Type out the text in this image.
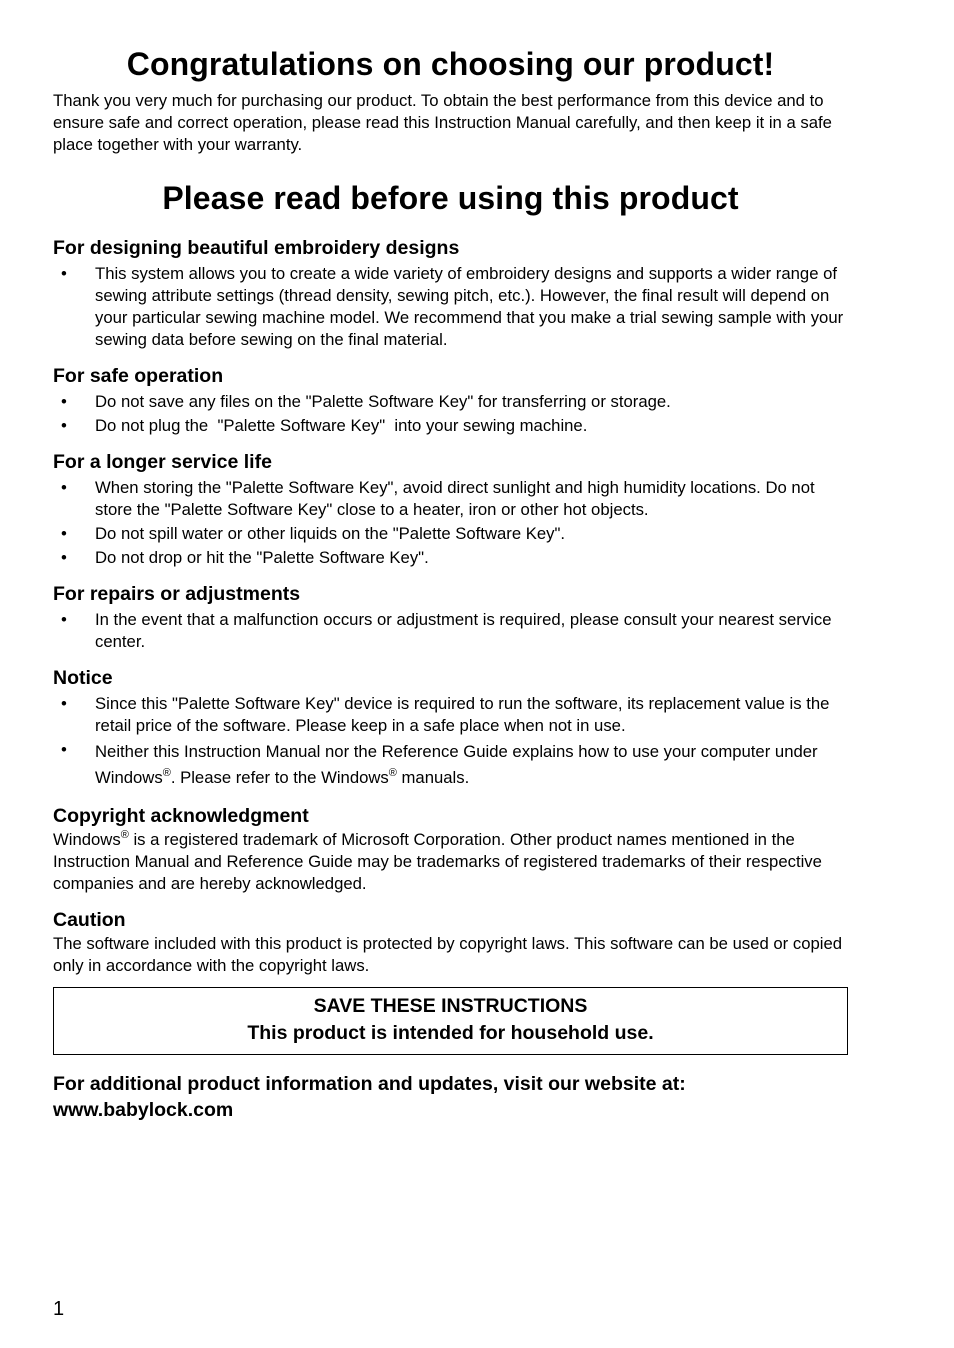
Congratulations on choosing our product!

Thank you very much for purchasing our product. To obtain the best performance from this device and to ensure safe and correct operation, please read this Instruction Manual carefully, and then keep it in a safe place together with your warranty.

Please read before using this product
For designing beautiful embroidery designs
• This system allows you to create a wide variety of embroidery designs and supports a wider range of sewing attribute settings (thread density, sewing pitch, etc.). However, the final result will depend on your particular sewing machine model. We recommend that you make a trial sewing sample with your sewing data before sewing on the final material.
For safe operation
• Do not save any files on the "Palette Software Key" for transferring or storage.
• Do not plug the  "Palette Software Key"  into your sewing machine.
For a longer service life
• When storing the "Palette Software Key", avoid direct sunlight and high humidity locations. Do not store the "Palette Software Key" close to a heater, iron or other hot objects.
• Do not spill water or other liquids on the "Palette Software Key".
• Do not drop or hit the "Palette Software Key".
For repairs or adjustments
• In the event that a malfunction occurs or adjustment is required, please consult your nearest service center.
Notice
• Since this "Palette Software Key" device is required to run the software, its replacement value is the retail price of the software. Please keep in a safe place when not in use.
• Neither this Instruction Manual nor the Reference Guide explains how to use your computer under Windows®. Please refer to the Windows® manuals.
Copyright acknowledgment

Windows® is a registered trademark of Microsoft Corporation. Other product names mentioned in the Instruction Manual and Reference Guide may be trademarks of registered trademarks of their respective companies and are hereby acknowledged.

Caution

The software included with this product is protected by copyright laws. This software can be used or copied only in accordance with the copyright laws.

SAVE THESE INSTRUCTIONS
This product is intended for household use.
For additional product information and updates, visit our website at:
www.babylock.com
1
